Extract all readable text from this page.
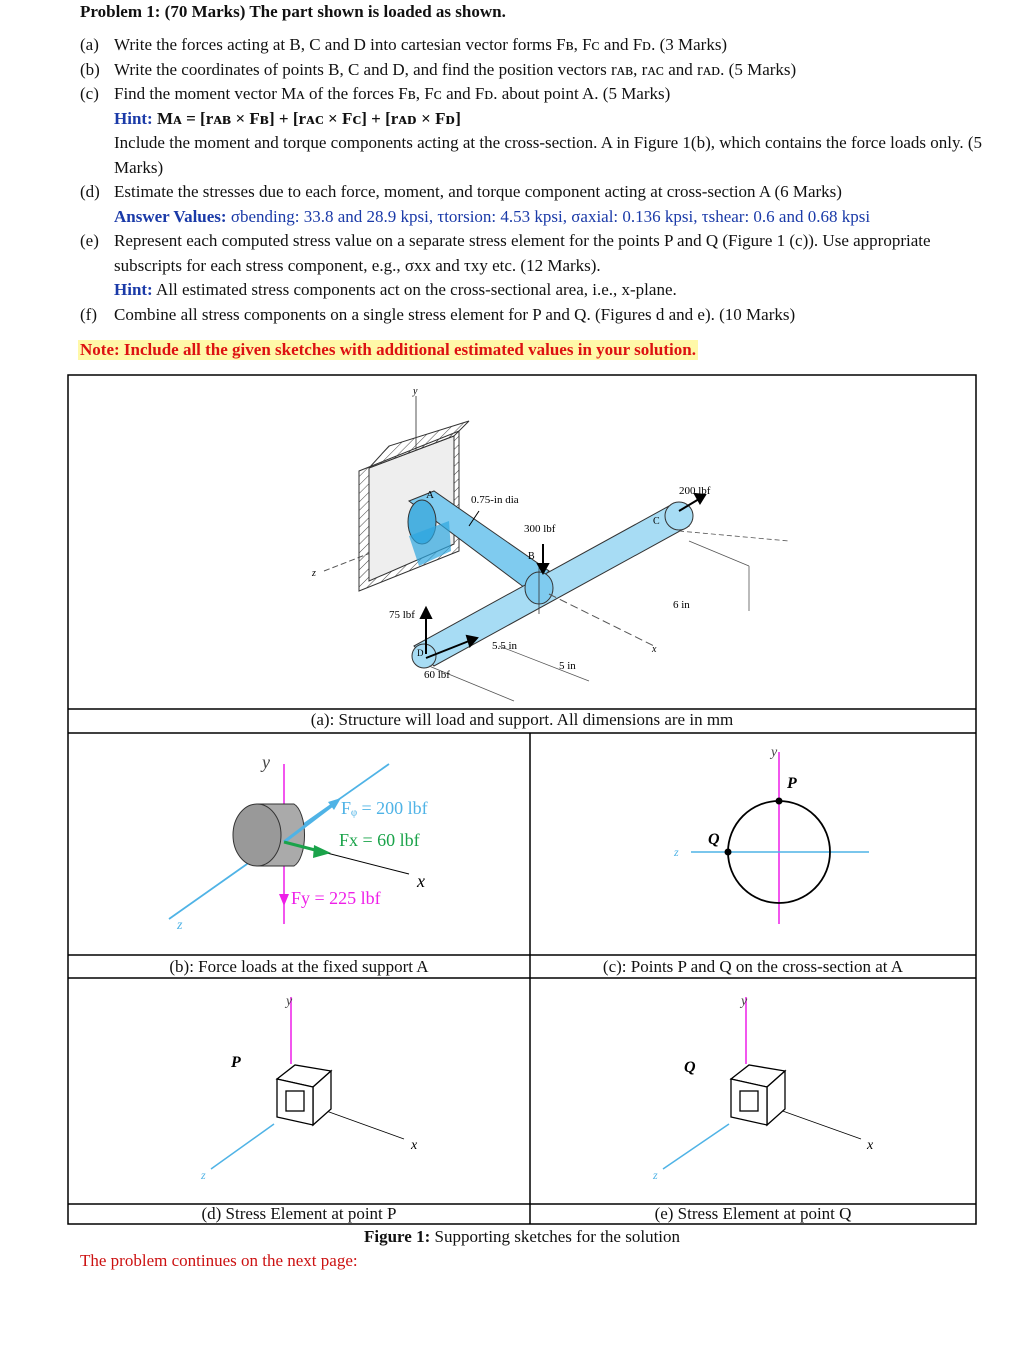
Problem 1: (70 Marks) The part shown is loaded as shown.
(a) Write the forces acting at B, C and D into cartesian vector forms Fʙ, Fᴄ and Fᴅ. (3 Marks)
(b) Write the coordinates of points B, C and D, and find the position vectors rᴀʙ, rᴀᴄ and rᴀᴅ. (5 Marks)
(c) Find the moment vector Mᴀ of the forces Fʙ, Fᴄ and Fᴅ. about point A. (5 Marks)
Hint: Mᴀ = [rᴀʙ × Fʙ] + [rᴀᴄ × Fᴄ] + [rᴀᴅ × Fᴅ]
Include the moment and torque components acting at the cross-section. A in Figure 1(b), which contains the force loads only. (5 Marks)
(d) Estimate the stresses due to each force, moment, and torque component acting at cross-section A (6 Marks)
Answer Values: σbending: 33.8 and 28.9 kpsi, τtorsion: 4.53 kpsi, σaxial: 0.136 kpsi, τshear: 0.6 and 0.68 kpsi
(e) Represent each computed stress value on a separate stress element for the points P and Q (Figure 1 (c)). Use appropriate subscripts for each stress component, e.g., σxx and τxy etc. (12 Marks).
Hint: All estimated stress components act on the cross-sectional area, i.e., x-plane.
(f)	Combine all stress components on a single stress element for P and Q. (Figures d and e). (10 Marks)
Note: Include all the given sketches with additional estimated values in your solution.
y
z
x
A
B
C
D
0.75-in dia
300 lbf
200 lbf
75 lbf
60 lbf
5.5 in
5 in
6 in
(a): Structure will load and support. All dimensions are in mm
y
z
x
Fᵩ = 200 lbf
Fx = 60 lbf
Fy = 225 lbf
(b): Force loads at the fixed support A
y
z
P
Q
(c): Points P and Q on the cross-section at A
y
x
z
P
(d) Stress Element at point P
y
x
z
Q
(e) Stress Element at point Q
Figure 1: Supporting sketches for the solution
The problem continues on the next page:
